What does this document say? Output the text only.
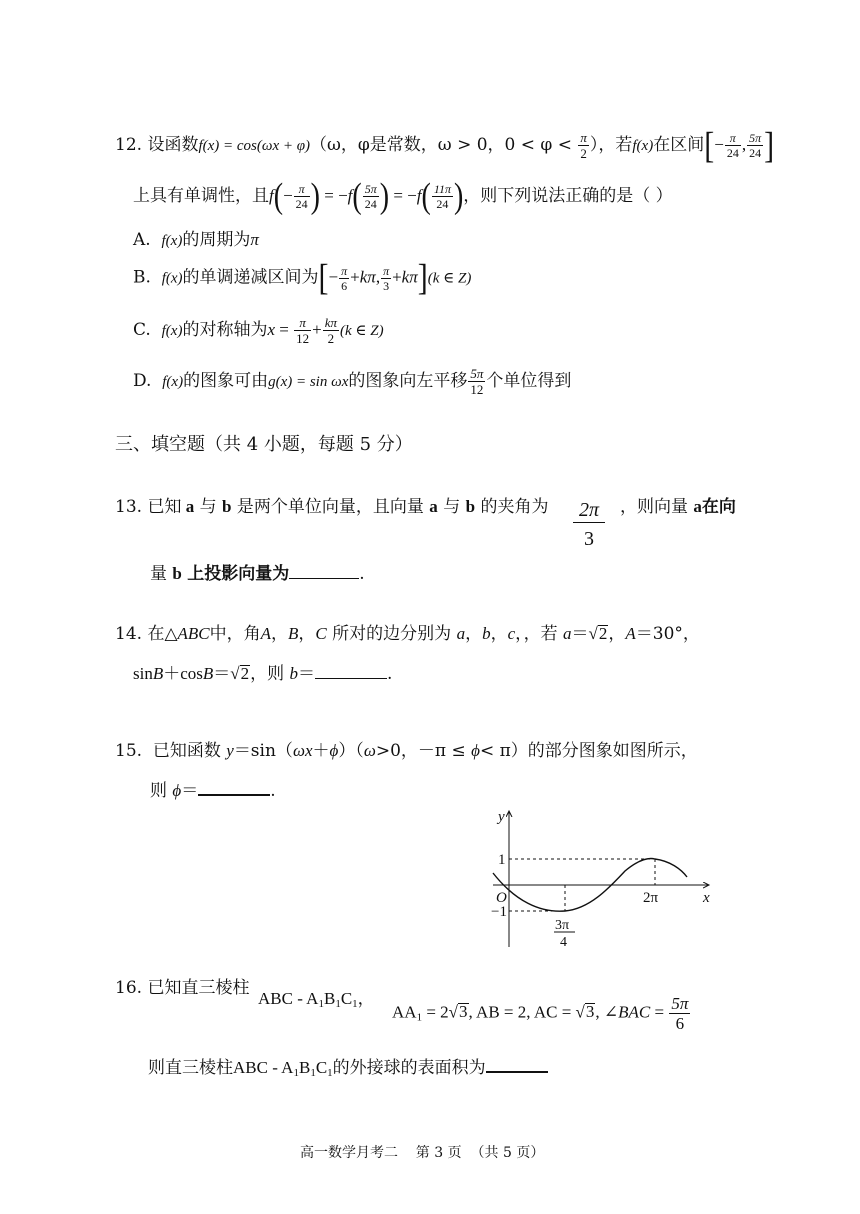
12. 设函数f(x) = cos(ωx + φ)（ω，φ是常数，ω > 0，$0 < \varphi < \frac{\pi}{2}$ ），若f(x)在区间[− $\frac{\pi}{24}$ , $\frac{5\pi}{24}$ ]
上具有单调性，且$f(- \frac{\pi}{24}$ ) = $-f( \frac{5\pi}{24}$ ) = $-f( \frac{11\pi}{24}$ )，则下列说法正确的是（ ）
A. f(x)的周期为π
B. f(x)的单调递减区间为[− $\frac{\pi}{6} +k\pi$, $\frac{\pi}{3} +k\pi](k$ ∈ Z)
C. f(x)的对称轴为$x = \frac{\pi}{12} + \frac{k\pi}{2} (k$ ∈ Z)
D. f(x)的图象可由g(x) = sin ωx的图象向左平移 $\frac{5\pi}{12}$ 个单位得到
三、填空题（共 4 小题，每题 5 分）
13. 已知 a 与 b 是两个单位向量，且向量 a 与 b 的夹角为 $\frac{2\pi}{3}$ ，则向量 a在向
量 b 上投影向量为	.
14. 在△ABC中，角A，B，C 所对的边分别为 a，b，c，，若 a＝√2，A＝30°，
sinB＋cosB＝√2，则 b＝	.
15. 已知函数 y＝sin（ωx＋ϕ）（ω>0，－π ≤ ϕ< π）的部分图象如图所示，
则 ϕ＝	.
y
x
O
1
−1
2π
3π
4
16. 已知直三棱柱
ABC - $A_1B_1C_1$，
$AA_1 = 2√3$, AB = 2, AC = √3, ∠BAC = $\frac{5\pi}{6}$
则直三棱柱ABC - $A_1B_1C_1$的外接球的表面积为
高一数学月考二    第 3 页  （共 5 页）
